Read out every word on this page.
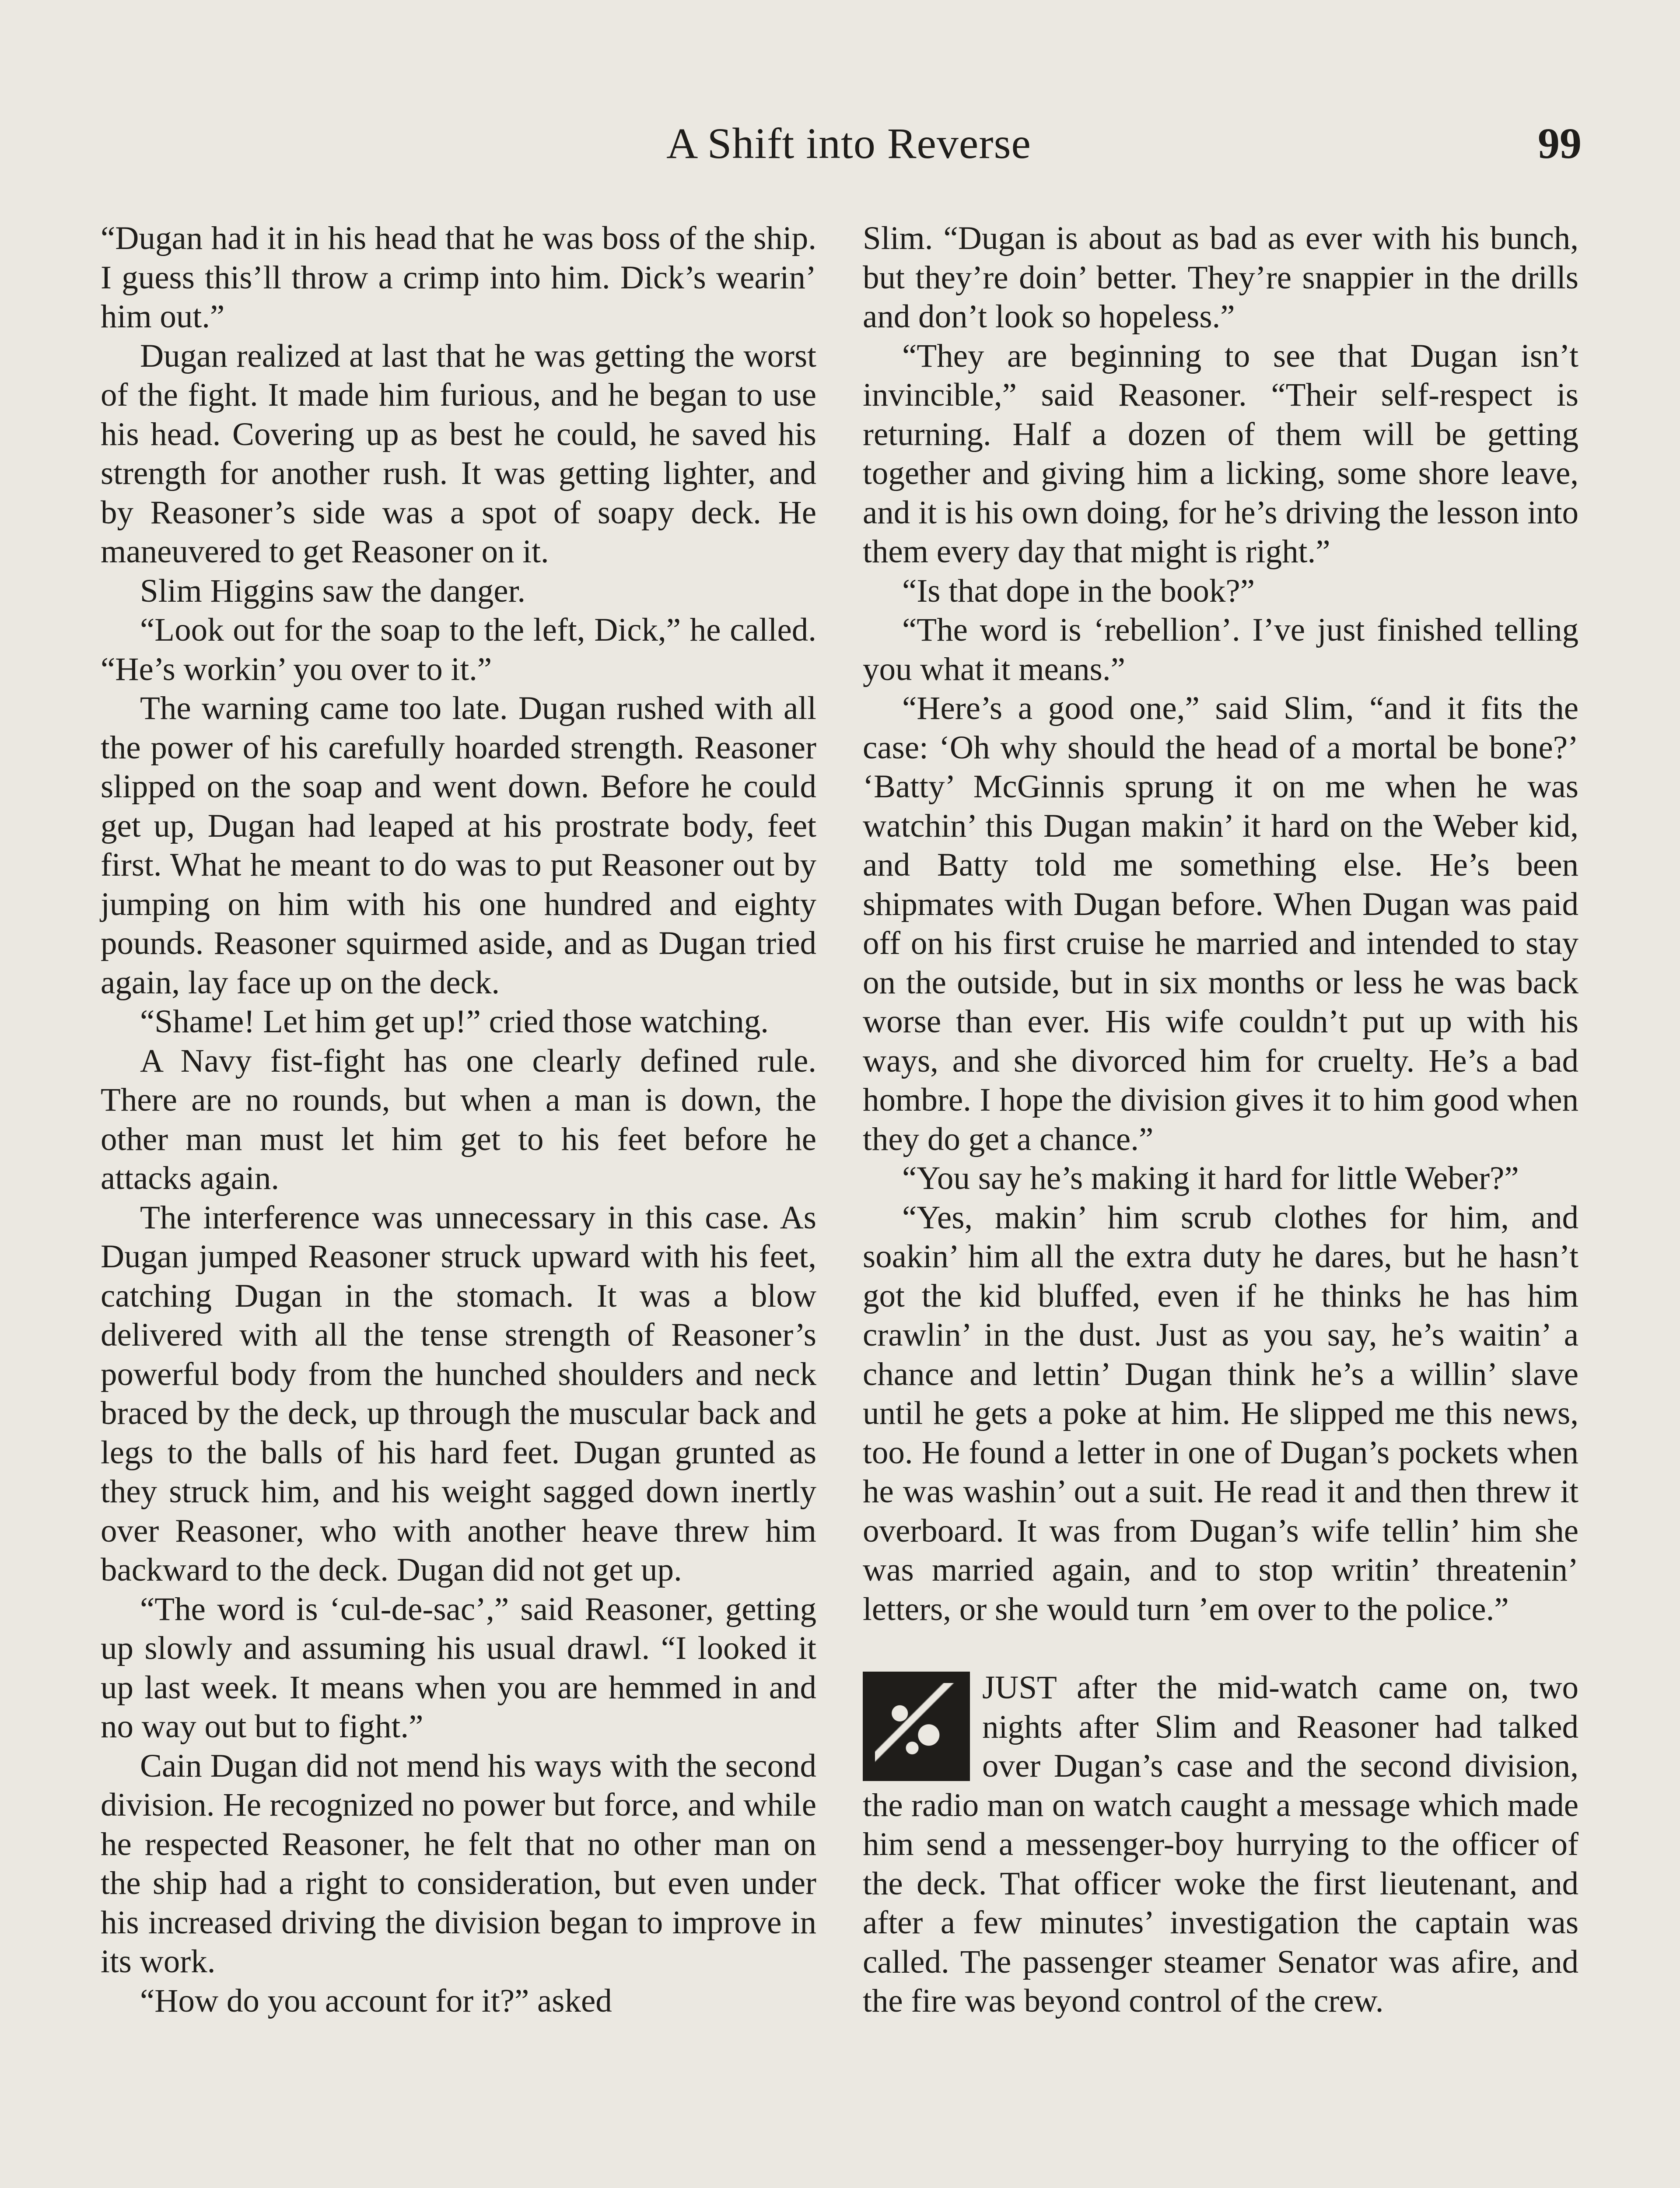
A Shift into Reverse	99

“Dugan had it in his head that he was boss of the ship. I guess this’ll throw a crimp into him. Dick’s wearin’ him out.”

Dugan realized at last that he was getting the worst of the fight. It made him furious, and he began to use his head. Covering up as best he could, he saved his strength for another rush. It was getting lighter, and by Reasoner’s side was a spot of soapy deck. He maneuvered to get Reasoner on it.

Slim Higgins saw the danger.

“Look out for the soap to the left, Dick,” he called. “He’s workin’ you over to it.”

The warning came too late. Dugan rushed with all the power of his carefully hoarded strength. Reasoner slipped on the soap and went down. Before he could get up, Dugan had leaped at his prostrate body, feet first. What he meant to do was to put Reasoner out by jumping on him with his one hundred and eighty pounds. Reasoner squirmed aside, and as Dugan tried again, lay face up on the deck.

“Shame! Let him get up!” cried those watching.

A Navy fist-fight has one clearly defined rule. There are no rounds, but when a man is down, the other man must let him get to his feet before he attacks again.

The interference was unnecessary in this case. As Dugan jumped Reasoner struck upward with his feet, catching Dugan in the stomach. It was a blow delivered with all the tense strength of Reasoner’s powerful body from the hunched shoulders and neck braced by the deck, up through the muscular back and legs to the balls of his hard feet. Dugan grunted as they struck him, and his weight sagged down inertly over Reasoner, who with another heave threw him backward to the deck. Dugan did not get up.

“The word is ‘cul-de-sac’,” said Reasoner, getting up slowly and assuming his usual drawl. “I looked it up last week. It means when you are hemmed in and no way out but to fight.”

Cain Dugan did not mend his ways with the second division. He recognized no power but force, and while he respected Reasoner, he felt that no other man on the ship had a right to consideration, but even under his increased driving the division began to improve in its work.

“How do you account for it?” asked

Slim. “Dugan is about as bad as ever with his bunch, but they’re doin’ better. They’re snappier in the drills and don’t look so hopeless.”

“They are beginning to see that Dugan isn’t invincible,” said Reasoner. “Their self-respect is returning. Half a dozen of them will be getting together and giving him a licking, some shore leave, and it is his own doing, for he’s driving the lesson into them every day that might is right.”

“Is that dope in the book?”

“The word is ‘rebellion’. I’ve just finished telling you what it means.”

“Here’s a good one,” said Slim, “and it fits the case: ‘Oh why should the head of a mortal be bone?’ ‘Batty’ McGinnis sprung it on me when he was watchin’ this Dugan makin’ it hard on the Weber kid, and Batty told me something else. He’s been shipmates with Dugan before. When Dugan was paid off on his first cruise he married and intended to stay on the outside, but in six months or less he was back worse than ever. His wife couldn’t put up with his ways, and she divorced him for cruelty. He’s a bad hombre. I hope the division gives it to him good when they do get a chance.”

“You say he’s making it hard for little Weber?”

“Yes, makin’ him scrub clothes for him, and soakin’ him all the extra duty he dares, but he hasn’t got the kid bluffed, even if he thinks he has him crawlin’ in the dust. Just as you say, he’s waitin’ a chance and lettin’ Dugan think he’s a willin’ slave until he gets a poke at him. He slipped me this news, too. He found a letter in one of Dugan’s pockets when he was washin’ out a suit. He read it and then threw it overboard. It was from Dugan’s wife tellin’ him she was married again, and to stop writin’ threatenin’ letters, or she would turn ’em over to the police.”

JUST after the mid-watch came on, two nights after Slim and Reasoner had talked over Dugan’s case and the second division, the radio man on watch caught a message which made him send a messenger-boy hurrying to the officer of the deck. That officer woke the first lieutenant, and after a few minutes’ investigation the captain was called. The passenger steamer Senator was afire, and the fire was beyond control of the crew.
